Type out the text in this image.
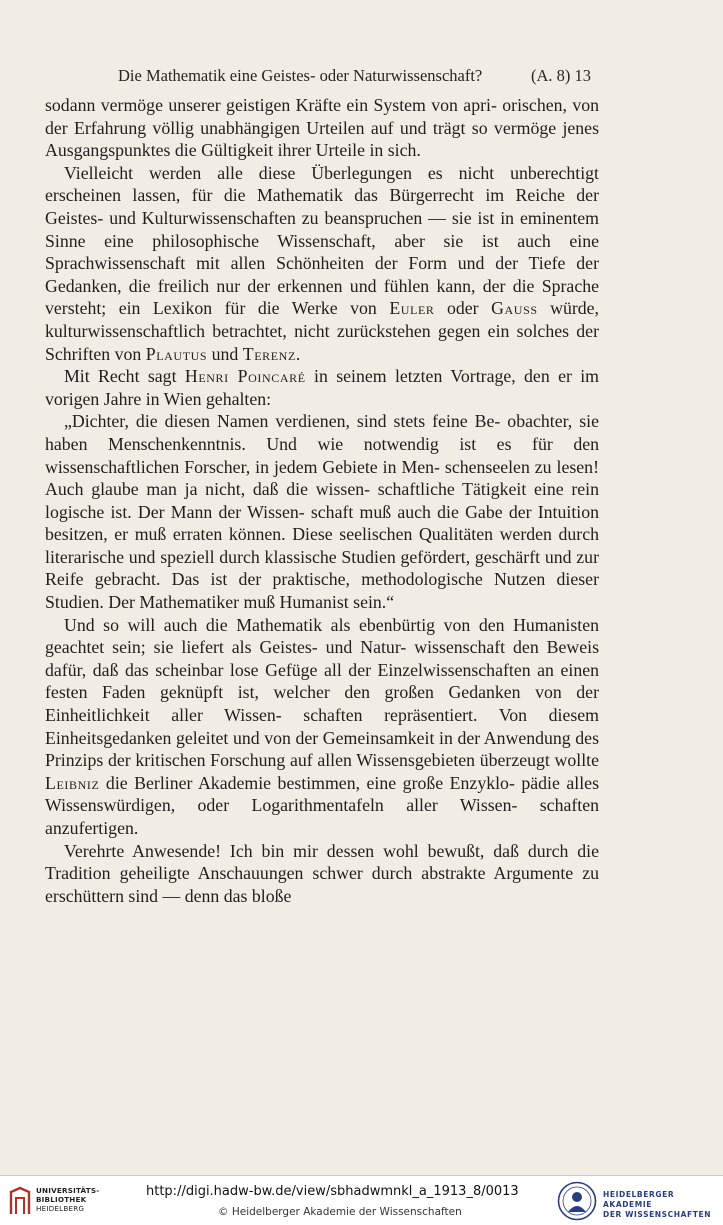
Die Mathematik eine Geistes- oder Naturwissenschaft?	(A. 8) 13

sodann vermöge unserer geistigen Kräfte ein System von apri- orischen, von der Erfahrung völlig unabhängigen Urteilen auf und trägt so vermöge jenes Ausgangspunktes die Gültigkeit ihrer Urteile in sich.

Vielleicht werden alle diese Überlegungen es nicht unberechtigt erscheinen lassen, für die Mathematik das Bürgerrecht im Reiche der Geistes- und Kulturwissenschaften zu beanspruchen — sie ist in eminentem Sinne eine philosophische Wissenschaft, aber sie ist auch eine Sprachwissenschaft mit allen Schönheiten der Form und der Tiefe der Gedanken, die freilich nur der erkennen und fühlen kann, der die Sprache versteht; ein Lexikon für die Werke von Euler oder Gauss würde, kulturwissenschaftlich betrachtet, nicht zurückstehen gegen ein solches der Schriften von Plautus und Terenz.

Mit Recht sagt Henri Poincaré in seinem letzten Vortrage, den er im vorigen Jahre in Wien gehalten:

„Dichter, die diesen Namen verdienen, sind stets feine Be- obachter, sie haben Menschenkenntnis. Und wie notwendig ist es für den wissenschaftlichen Forscher, in jedem Gebiete in Men- schenseelen zu lesen! Auch glaube man ja nicht, daß die wissen- schaftliche Tätigkeit eine rein logische ist. Der Mann der Wissen- schaft muß auch die Gabe der Intuition besitzen, er muß erraten können. Diese seelischen Qualitäten werden durch literarische und speziell durch klassische Studien gefördert, geschärft und zur Reife gebracht. Das ist der praktische, methodologische Nutzen dieser Studien. Der Mathematiker muß Humanist sein.“

Und so will auch die Mathematik als ebenbürtig von den Humanisten geachtet sein; sie liefert als Geistes- und Natur- wissenschaft den Beweis dafür, daß das scheinbar lose Gefüge all der Einzelwissenschaften an einen festen Faden geknüpft ist, welcher den großen Gedanken von der Einheitlichkeit aller Wissen- schaften repräsentiert. Von diesem Einheitsgedanken geleitet und von der Gemeinsamkeit in der Anwendung des Prinzips der kritischen Forschung auf allen Wissensgebieten überzeugt wollte Leibniz die Berliner Akademie bestimmen, eine große Enzyklo- pädie alles Wissenswürdigen, oder Logarithmentafeln aller Wissen- schaften anzufertigen.

Verehrte Anwesende! Ich bin mir dessen wohl bewußt, daß durch die Tradition geheiligte Anschauungen schwer durch abstrakte Argumente zu erschüttern sind — denn das bloße

UNIVERSITÄTS-
BIBLIOTHEK
HEIDELBERG
http://digi.hadw-bw.de/view/sbhadwmnkl_a_1913_8/0013
© Heidelberger Akademie der Wissenschaften
HEIDELBERGER AKADEMIE
DER WISSENSCHAFTEN
